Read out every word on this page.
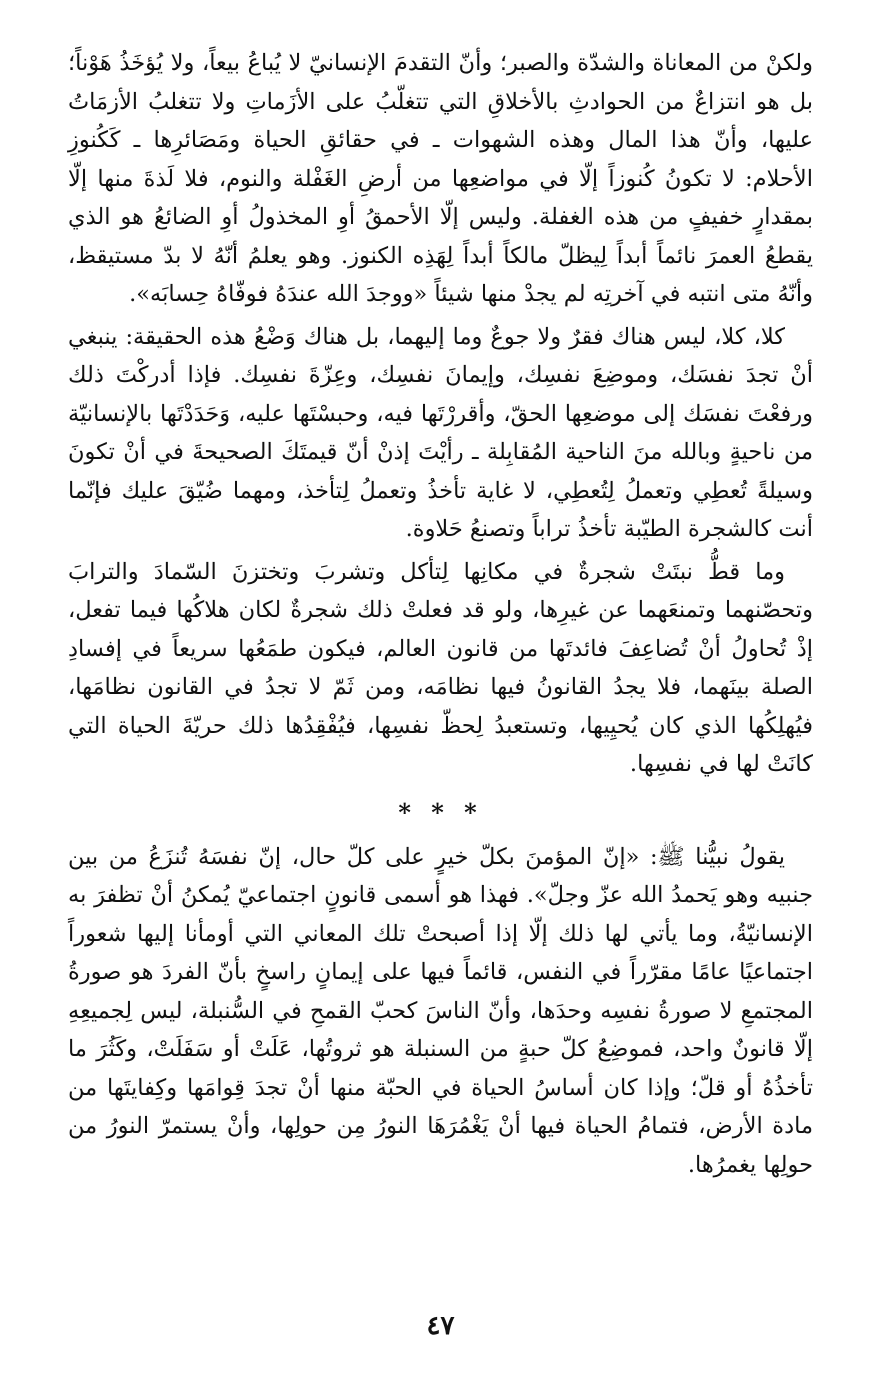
ولكنْ من المعاناة والشدّة والصبر؛ وأنّ التقدمَ الإنسانيّ لا يُباعُ بيعاً، ولا يُؤخَذُ هَوْناً؛ بل هو انتزاعٌ من الحوادثِ بالأخلاقِ التي تتغلّبُ على الأزَماتِ ولا تتغلبُ الأزمَاتُ عليها، وأنّ هذا المال وهذه الشهوات ـ في حقائقِ الحياة ومَصَائرِها ـ كَكُنوزِ الأحلام: لا تكونُ كُنوزاً إلّا في مواضعِها من أرضِ الغَفْلة والنوم، فلا لَذةَ منها إلّا بمقدارٍ خفيفٍ من هذه الغفلة. وليس إلّا الأحمقُ أوِ المخذولُ أوِ الضائعُ هو الذي يقطعُ العمرَ نائماً أبداً لِيظلّ مالكاً أبداً لِهَذِه الكنوز. وهو يعلمُ أنّهُ لا بدّ مستيقظ، وأنّهُ متى انتبه في آخرتِه لم يجدْ منها شيئاً «ووجدَ الله عندَهُ فوفّاهُ حِسابَه».

كلا، كلا، ليس هناك فقرٌ ولا جوعٌ وما إليهما، بل هناك وَضْعُ هذه الحقيقة: ينبغي أنْ تجدَ نفسَك، وموضِعَ نفسِك، وإيمانَ نفسِك، وعِزّةَ نفسِك. فإذا أدركْتَ ذلك ورفعْتَ نفسَك إلى موضعِها الحقّ، وأقررْتَها فيه، وحبسْتَها عليه، وَحَدَدْتَها بالإنسانيّة من ناحيةٍ وبالله منَ الناحية المُقابِلة ـ رأيْتَ إذنْ أنّ قيمتَكَ الصحيحةَ في أنْ تكونَ وسيلةً تُعطِي وتعملُ لِتُعطِي، لا غاية تأخذُ وتعملُ لِتأخذ، ومهما ضُيّقَ عليك فإنّما أنت كالشجرة الطيّبة تأخذُ تراباً وتصنعُ حَلاوة.

وما قطُّ نبتَتْ شجرةٌ في مكانِها لِتأكل وتشربَ وتختزنَ السّمادَ والترابَ وتحصّنهما وتمنعَهما عن غيرِها، ولو قد فعلتْ ذلك شجرةٌ لكان هلاكُها فيما تفعل، إذْ تُحاولُ أنْ تُضاعِفَ فائدتَها من قانون العالم، فيكون طمَعُها سريعاً في إفسادِ الصلة بينَهما، فلا يجدُ القانونُ فيها نظامَه، ومن ثَمّ لا تجدُ في القانون نظامَها، فيُهلِكُها الذي كان يُحيِيها، وتستعبدُ لِحظّ نفسِها، فيُفْقِدُها ذلك حريّةَ الحياة التي كانَتْ لها في نفسِها.

* * *

يقولُ نبيُّنا ﷺ: «إنّ المؤمنَ بكلّ خيرٍ على كلّ حال، إنّ نفسَهُ تُنزَعُ من بين جنبيه وهو يَحمدُ الله عزّ وجلّ». فهذا هو أسمى قانونٍ اجتماعيّ يُمكنُ أنْ تظفرَ به الإنسانيّةُ، وما يأتي لها ذلك إلّا إذا أصبحتْ تلك المعاني التي أومأنا إليها شعوراً اجتماعيًا عامًا مقرّراً في النفس، قائماً فيها على إيمانٍ راسخٍ بأنّ الفردَ هو صورةُ المجتمعِ لا صورةُ نفسِه وحدَها، وأنّ الناسَ كحبّ القمحِ في السُّنبلة، ليس لِجميعِهِ إلّا قانونٌ واحد، فموضِعُ كلّ حبةٍ من السنبلة هو ثروتُها، عَلَتْ أو سَفَلَتْ، وكَثُرَ ما تأخذُهُ أو قلّ؛ وإذا كان أساسُ الحياة في الحبّة منها أنْ تجدَ قِوامَها وكِفايتَها من مادة الأرض، فتمامُ الحياة فيها أنْ يَغْمُرَهَا النورُ مِن حولِها، وأنْ يستمرّ النورُ من حولِها يغمرُها.

٤٧
